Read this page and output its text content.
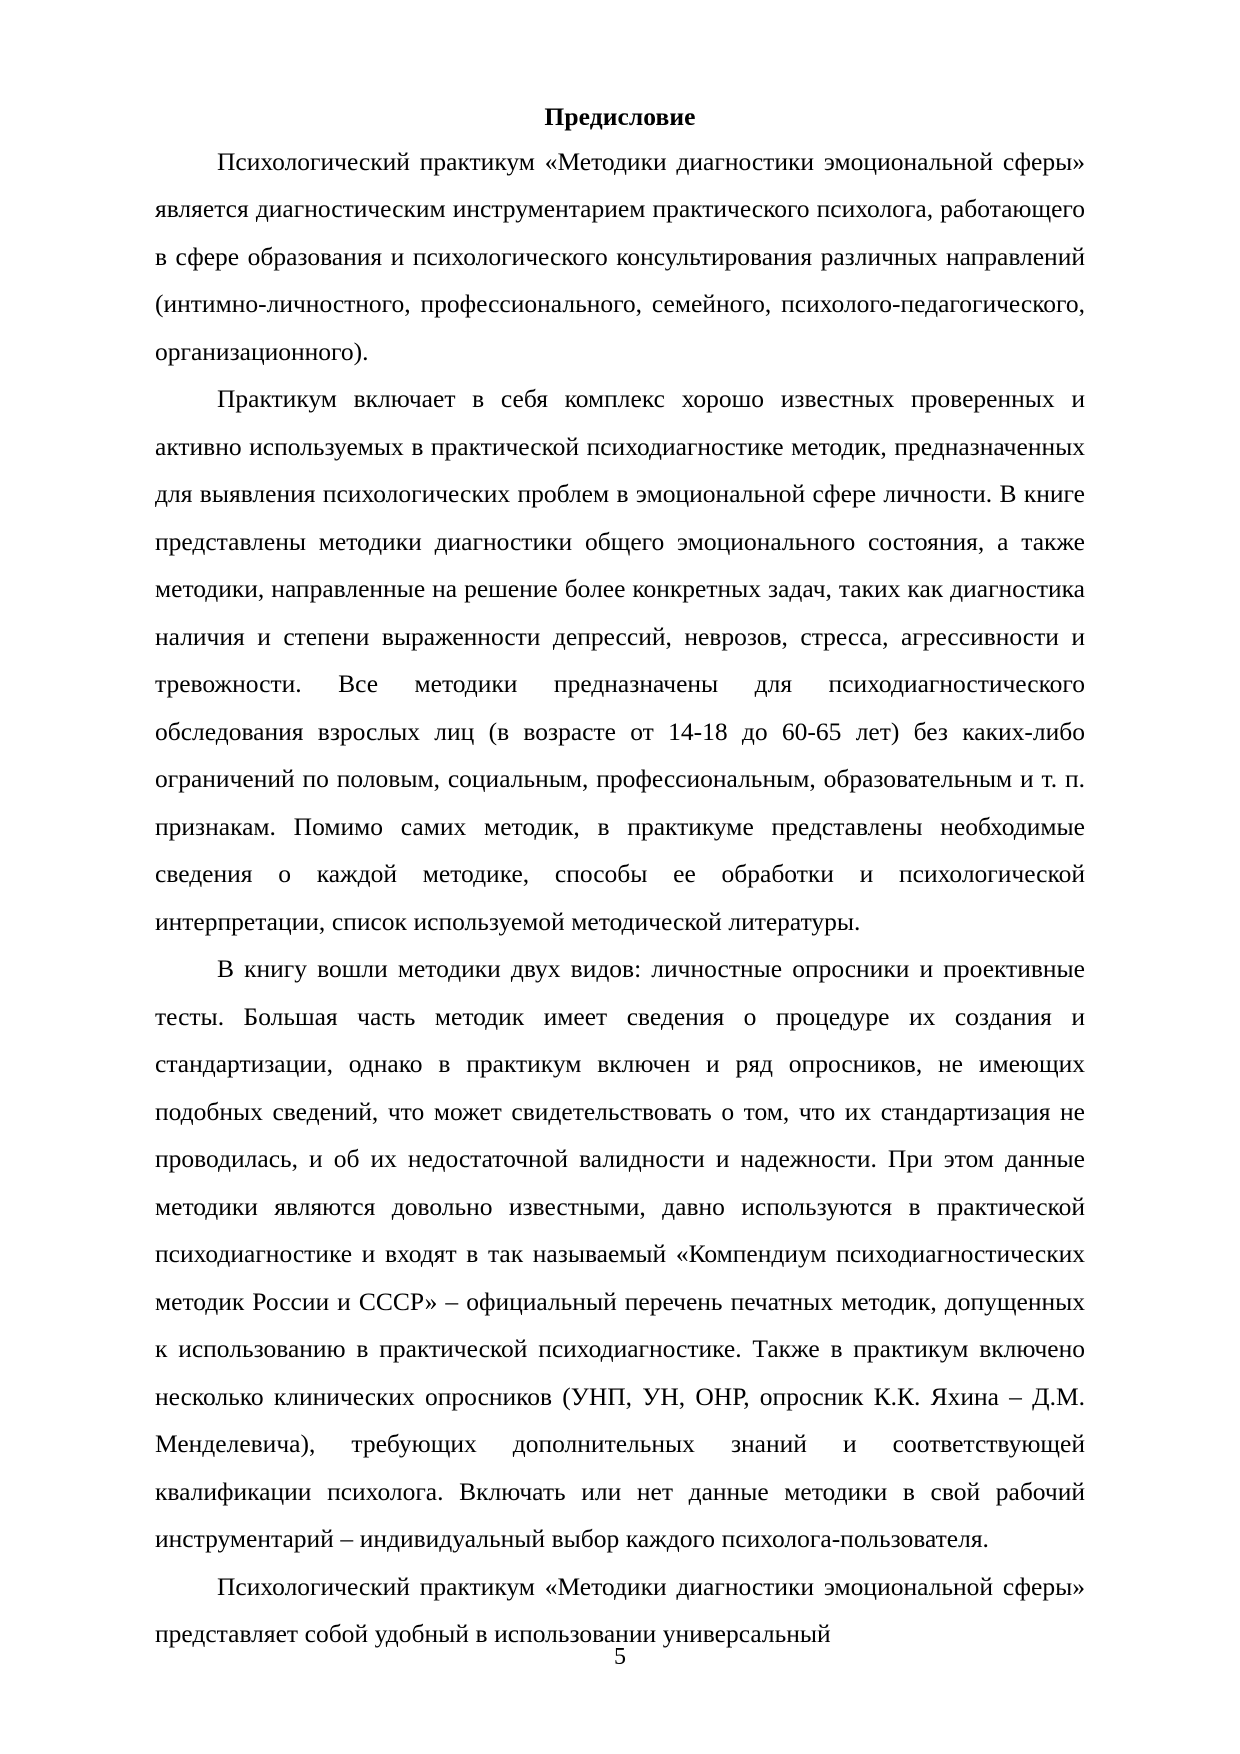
Предисловие

Психологический практикум «Методики диагностики эмоциональной сферы» является диагностическим инструментарием практического психолога, работающего в сфере образования и психологического консультирования различных направлений (интимно-личностного, профессионального, семейного, психолого-педагогического, организационного).

Практикум включает в себя комплекс хорошо известных проверенных и активно используемых в практической психодиагностике методик, предназначенных для выявления психологических проблем в эмоциональной сфере личности. В книге представлены методики диагностики общего эмоционального состояния, а также методики, направленные на решение более конкретных задач, таких как диагностика наличия и степени выраженности депрессий, неврозов, стресса, агрессивности и тревожности. Все методики предназначены для психодиагностического обследования взрослых лиц (в возрасте от 14-18 до 60-65 лет) без каких-либо ограничений по половым, социальным, профессиональным, образовательным и т. п. признакам. Помимо самих методик, в практикуме представлены необходимые сведения о каждой методике, способы ее обработки и психологической интерпретации, список используемой методической литературы.

В книгу вошли методики двух видов: личностные опросники и проективные тесты. Большая часть методик имеет сведения о процедуре их создания и стандартизации, однако в практикум включен и ряд опросников, не имеющих подобных сведений, что может свидетельствовать о том, что их стандартизация не проводилась, и об их недостаточной валидности и надежности. При этом данные методики являются довольно известными, давно используются в практической психодиагностике и входят в так называемый «Компендиум психодиагностических методик России и СССР» – официальный перечень печатных методик, допущенных к использованию в практической психодиагностике. Также в практикум включено несколько клинических опросников (УНП, УН, ОНР, опросник К.К. Яхина – Д.М. Менделевича), требующих дополнительных знаний и соответствующей квалификации психолога. Включать или нет данные методики в свой рабочий инструментарий – индивидуальный выбор каждого психолога-пользователя.

Психологический практикум «Методики диагностики эмоциональной сферы» представляет собой удобный в использовании универсальный

5
